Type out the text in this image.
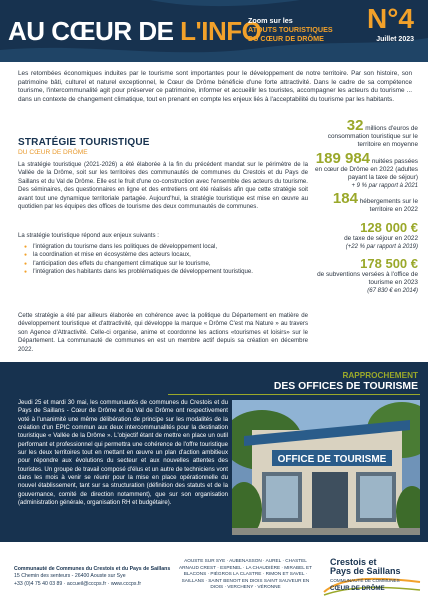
AU CŒUR DE L'INFO
Zoom sur les
ATOUTS TOURISTIQUES
DU CŒUR DE DRÔME
N°4
Juillet 2023

Les retombées économiques induites par le tourisme sont importantes pour le développement de notre territoire. Par son histoire, son patrimoine bâti, culturel et naturel exceptionnel, le Cœur de Drôme bénéficie d'une forte attractivité. Dans le cadre de sa compétence tourisme, l'intercommunalité agit pour préserver ce patrimoine, informer et accueillir les touristes, accompagner les acteurs du tourisme ... dans un contexte de changement climatique, tout en prenant en compte les enjeux liés à l'acceptabilité du tourisme par les habitants.

STRATÉGIE TOURISTIQUE
DU CŒUR DE DRÔME

La stratégie touristique (2021-2026) a été élaborée à la fin du précédent mandat sur le périmètre de la Vallée de la Drôme, soit sur les territoires des communautés de communes du Crestois et du Pays de Saillans et du Val de Drôme. Elle est le fruit d'une co-construction avec l'ensemble des acteurs du tourisme. Des séminaires, des questionnaires en ligne et des entretiens ont été réalisés afin que cette stratégie soit avant tout une dynamique territoriale partagée. Aujourd'hui, la stratégie touristique est mise en œuvre au quotidien par les équipes des offices de tourisme des deux communautés de communes.

La stratégie touristique répond aux enjeux suivants :

● l'intégration du tourisme dans les politiques de développement local,
● la coordination et mise en écosystème des acteurs locaux,
● l'anticipation des effets du changement climatique sur le tourisme,
● l'intégration des habitants dans les problématiques de développement touristique.

Cette stratégie a été par ailleurs élaborée en cohérence avec la politique du Département en matière de développement touristique et d'attractivité, qui développe la marque « Drôme C'est ma Nature » au travers son Agence d'Attractivité. Celle-ci organise, anime et coordonne les actions «tourismes et loisirs» sur le Département. La communauté de communes en est un membre actif depuis sa création en décembre 2022.

32 millions d'euros de consommation touristique sur le territoire en moyenne
189 984 nuitées passées en cœur de Drôme en 2022 (adultes payant la taxe de séjour)
+ 9 % par rapport à 2021
184 hébergements sur le territoire en 2022
128 000 €
de taxe de séjour en 2022
(+22 % par rapport à 2019)
178 500 €
de subventions versées à l'office de tourisme en 2023
(67 830 € en 2014)
RAPPROCHEMENT
DES OFFICES DE TOURISME

Jeudi 25 et mardi 30 mai, les communautés de communes du Crestois et du Pays de Saillans - Cœur de Drôme et du Val de Drôme ont respectivement voté à l'unanimité une même délibération de principe sur les modalités de la création d'un EPIC commun aux deux intercommunalités pour la destination touristique « Vallée de la Drôme ». L'objectif étant de mettre en place un outil performant et professionnel qui permettra une cohérence de l'offre touristique sur les deux territoires tout en mettant en œuvre un plan d'action ambitieux pour répondre aux évolutions du secteur et aux nouvelles attentes des touristes. Un groupe de travail composé d'élus et un autre de techniciens vont dans les mois à venir se réunir pour la mise en place opérationnelle du nouvel établissement, tant sur sa structuration (définition des statuts et de la gouvernance, comité de direction notamment), que sur son organisation (administration générale, organisation RH et budgétaire).

OFFICE DE TOURISME
Communauté de Communes du Crestois et du Pays de Saillans
15 Chemin des senteurs - 26400 Aouste sur Sye
+33 (0)4 75 40 03 89 · accueil@cccps.fr · www.cccps.fr
AOUSTE SUR SYE · AUBENASSON · AUREL · CHASTEL ARNAUD CREST · ESPENEL · LA CHAUDIÈRE · MIRABEL ET BLACONS · PIÉGROS LA CLASTRE · RIMON ET SAVEL · SAILLANS · SAINT BENOIT EN DIOIS SAINT SAUVEUR EN DIOIS · VERCHENY · VÉRONNE
Crestois et
Pays de Saillans
COMMUNAUTÉ DE COMMUNES
CŒUR DE DRÔME
